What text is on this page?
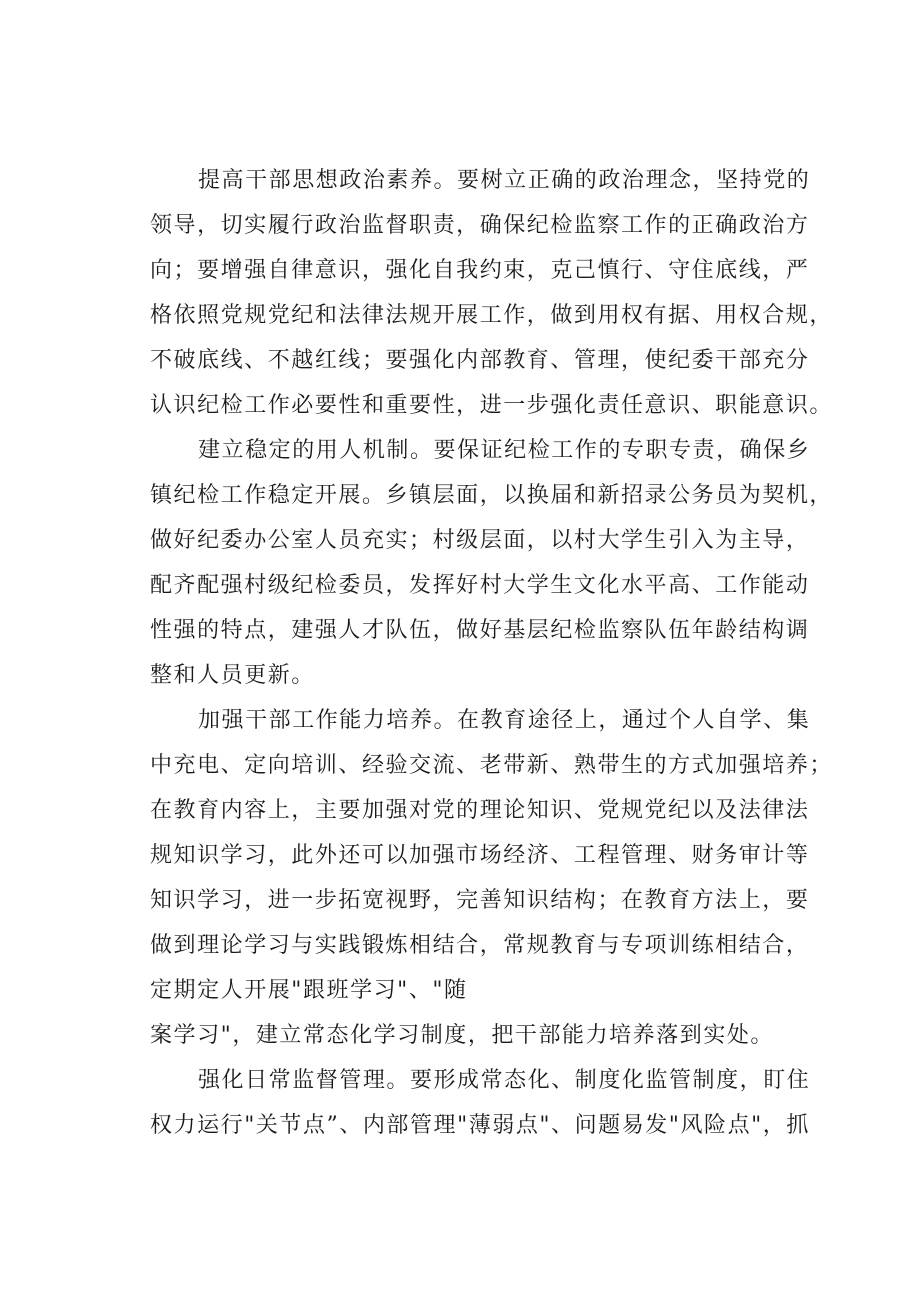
提高干部思想政治素养。要树立正确的政治理念，坚持党的
领导，切实履行政治监督职责，确保纪检监察工作的正确政治方
向；要增强自律意识，强化自我约束，克己慎行、守住底线，严
格依照党规党纪和法律法规开展工作，做到用权有据、用权合规，
不破底线、不越红线；要强化内部教育、管理，使纪委干部充分
认识纪检工作必要性和重要性，进一步强化责任意识、职能意识。
建立稳定的用人机制。要保证纪检工作的专职专责，确保乡
镇纪检工作稳定开展。乡镇层面，以换届和新招录公务员为契机，
做好纪委办公室人员充实；村级层面，以村大学生引入为主导，
配齐配强村级纪检委员，发挥好村大学生文化水平高、工作能动
性强的特点，建强人才队伍，做好基层纪检监察队伍年龄结构调
整和人员更新。
加强干部工作能力培养。在教育途径上，通过个人自学、集
中充电、定向培训、经验交流、老带新、熟带生的方式加强培养；
在教育内容上，主要加强对党的理论知识、党规党纪以及法律法
规知识学习，此外还可以加强市场经济、工程管理、财务审计等
知识学习，进一步拓宽视野，完善知识结构；在教育方法上，要
做到理论学习与实践锻炼相结合，常规教育与专项训练相结合，
定期定人开展"跟班学习"、"随
案学习"，建立常态化学习制度，把干部能力培养落到实处。
强化日常监督管理。要形成常态化、制度化监管制度，盯住
权力运行"关节点”、内部管理"薄弱点"、问题易发"风险点"，抓
